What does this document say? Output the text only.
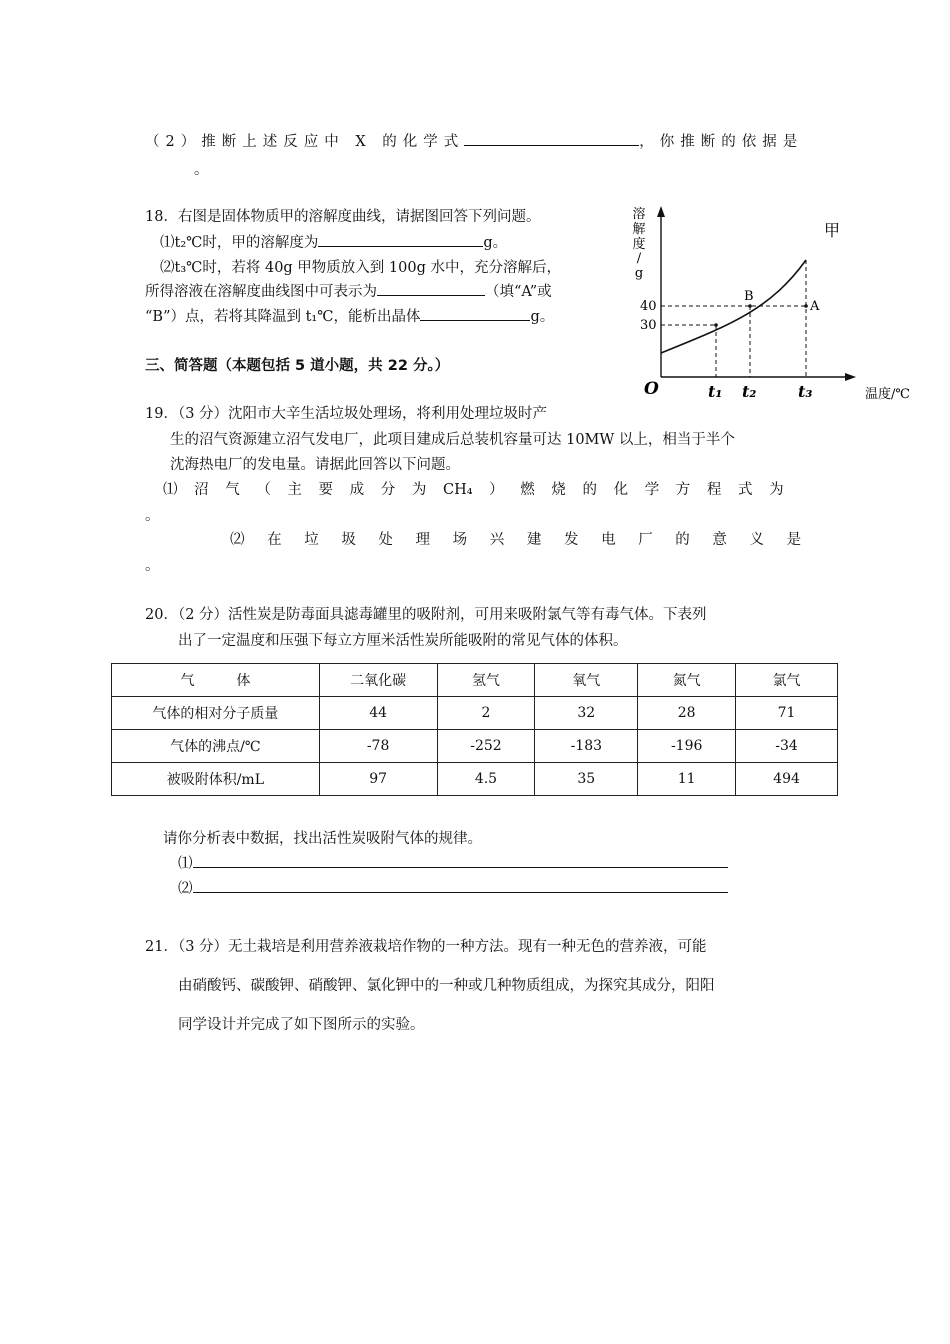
（2）推断上述反应中 X 的化学式	，你推断的依据是
。
18．右图是固体物质甲的溶解度曲线，请据图回答下列问题。
⑴t₂℃时，甲的溶解度为	g。
⑵t₃℃时，若将 40g 甲物质放入到 100g 水中，充分溶解后，
所得溶液在溶解度曲线图中可表示为	（填“A”或
“B”）点，若将其降温到 t₁℃，能析出晶体	g。
溶
解
度
/
g
B
A
甲
40
30
O	t₁ t₂	t₃	温度/℃
三、简答题（本题包括 5 道小题，共 22 分。）
19．（3 分）沈阳市大辛生活垃圾处理场，将利用处理垃圾时产
生的沼气资源建立沼气发电厂，此项目建成后总装机容量可达 10MW 以上，相当于半个
沈海热电厂的发电量。请据此回答以下问题。
⑴ 沼 气 （ 主 要 成 分 为 CH₄ ） 燃 烧 的 化 学 方 程 式 为
。
⑵ 在 垃 圾 处 理 场 兴 建 发 电 厂 的 意 义 是
。
20．（2 分）活性炭是防毒面具滤毒罐里的吸附剂，可用来吸附氯气等有毒气体。下表列
出了一定温度和压强下每立方厘米活性炭所能吸附的常见气体的体积。
气　　　体	二氧化碳	氢气	氧气	氮气	氯气
气体的相对分子质量	44	2	32	28	71
气体的沸点/℃	-78	-252	-183	-196	-34
被吸附体积/mL	97	4.5	35	11	494
请你分析表中数据，找出活性炭吸附气体的规律。
⑴
⑵
21．（3 分）无土栽培是利用营养液栽培作物的一种方法。现有一种无色的营养液，可能
由硝酸钙、碳酸钾、硝酸钾、氯化钾中的一种或几种物质组成，为探究其成分，阳阳
同学设计并完成了如下图所示的实验。
